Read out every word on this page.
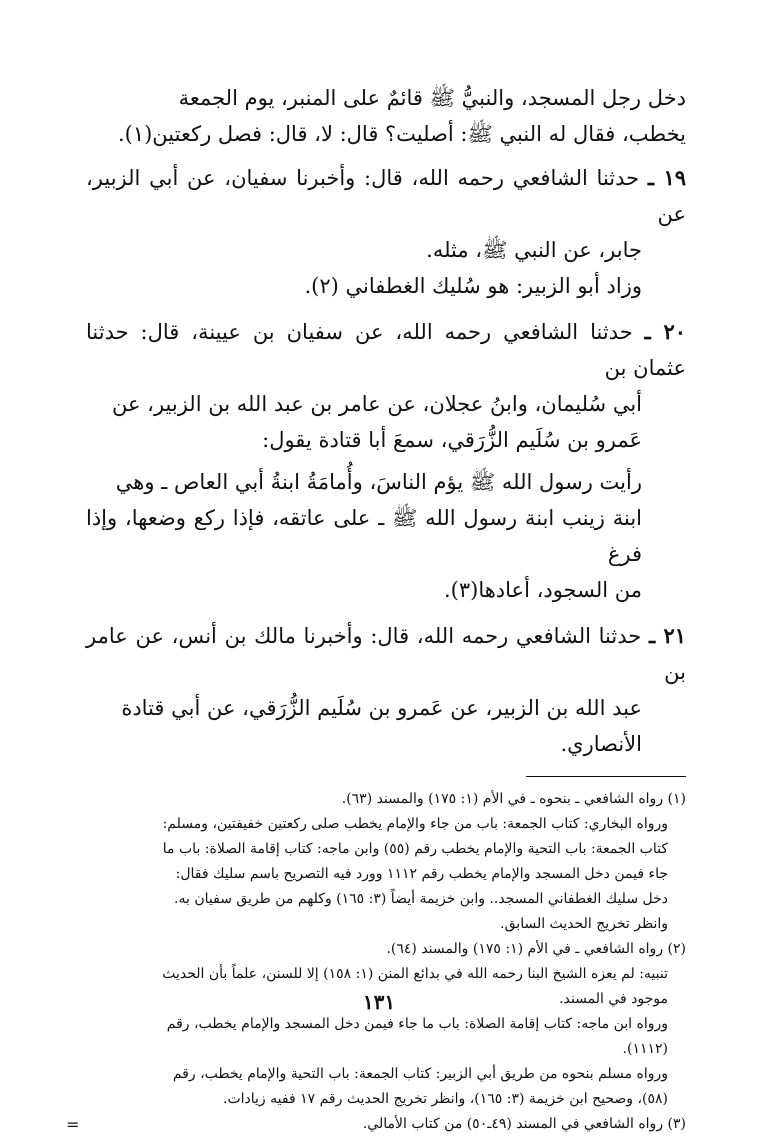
دخل رجل المسجد، والنبيُّ ﷺ قائمٌ على المنبر، يوم الجمعة

يخطب، فقال له النبي ﷺ: أصليت؟ قال: لا، قال: فصل ركعتين(١).

١٩ ـ حدثنا الشافعي رحمه الله، قال: وأخبرنا سفيان، عن أبي الزبير، عن

جابر، عن النبي ﷺ، مثله.

وزاد أبو الزبير: هو سُليك الغطفاني (٢).

٢٠ ـ حدثنا الشافعي رحمه الله، عن سفيان بن عيينة، قال: حدثنا عثمان بن

أبي سُليمان، وابنُ عجلان، عن عامر بن عبد الله بن الزبير، عن

عَمرو بن سُلَيم الزُّرَقي، سمعَ أبا قتادة يقول:

رأيت رسول الله ﷺ يؤم الناسَ، وأُمامَةُ ابنةُ أبي العاص ـ وهي

ابنة زينب ابنة رسول الله ﷺ ـ على عاتقه، فإذا ركع وضعها، وإذا فرغ

من السجود، أعادها(٣).

٢١ ـ حدثنا الشافعي رحمه الله، قال: وأخبرنا مالك بن أنس، عن عامر بن

عبد الله بن الزبير، عن عَمرو بن سُلَيم الزُّرَقي، عن أبي قتادة

الأنصاري.

(١) رواه الشافعي ـ بنحوه ـ في الأم (١: ١٧٥) والمسند (٦٣).

ورواه البخاري: كتاب الجمعة: باب من جاء والإمام يخطب صلى ركعتين خفيفتين، ومسلم:

كتاب الجمعة: باب التحية والإمام يخطب رقم (٥٥) وابن ماجه: كتاب إقامة الصلاة: باب ما

جاء فيمن دخل المسجد والإمام يخطب رقم ١١١٢ وورد فيه التصريح باسم سليك فقال:

دخل سليك الغطفاني المسجد.. وابن خزيمة أيضاً (٣: ١٦٥) وكلهم من طريق سفيان به.

وانظر تخريج الحديث السابق.

(٢) رواه الشافعي ـ في الأم (١: ١٧٥) والمسند (٦٤).

تنبيه: لم يعزه الشيخ البنا رحمه الله في بدائع المنن (١: ١٥٨) إلا للسنن، علماً بأن الحديث

موجود في المسند.

ورواه ابن ماجه: كتاب إقامة الصلاة: باب ما جاء فيمن دخل المسجد والإمام يخطب، رقم

(١١١٢).

ورواه مسلم بنحوه من طريق أبي الزبير: كتاب الجمعة: باب التحية والإمام يخطب، رقم

(٥٨)، وصحيح ابن خزيمة (٣: ١٦٥)، وانظر تخريج الحديث رقم ١٧ ففيه زيادات.

(٣) رواه الشافعي في المسند (٤٩ـ٥٠) من كتاب الأمالي.
=

١٣١
